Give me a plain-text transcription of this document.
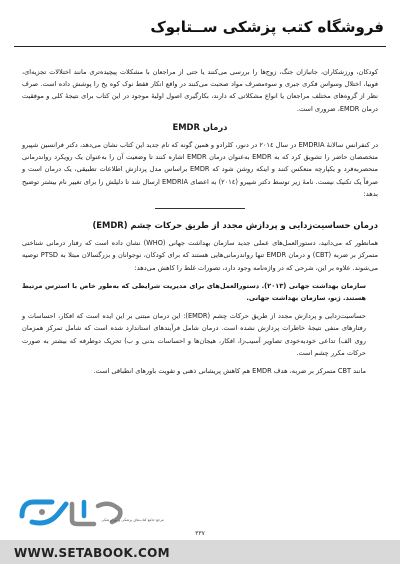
فروشگاه کتب پزشکی ســتابوک

کودکان، ورزشکاران، جانبازان جنگ، زوج‌ها را بررسی می‌کنند یا حتی از مراجعان با مشکلات پیچیده‌تری مانند اختلالات تجزیه‌ای، فوبیا، اختلال وسواس فکری جبری و سوءمصرف مواد صحبت می‌کنند در واقع انکار فقط نوک کوه یخ را پوشش داده است. صرف نظر از گروه‌های مختلف مراجعان یا انواع مشکلاتی که دارند، بکارگیری اصول اولیهٔ موجود در این کتاب برای نتیجهٔ کلی و موفقیت درمان EMDR، ضروری است.

درمان EMDR

در کنفرانس سالانهٔ EMDRIA در سال ۲۰۱٤ در دنور، کلرادو و همین گونه که نام جدید این کتاب نشان می‌دهد، دکتر فرانسین شپیرو متخصصان حاضر را تشویق کرد که به EMDR به‌عنوان درمان EMDR اشاره کنند تا وضعیت آن را به‌عنوان یک رویکرد رواندرمانی منحصربه‌فرد و یکپارچه منعکس کنند و اینکه روشن شود که EMDR براساس مدل پردازش اطلاعات تطبیقی، یک درمان است و صرفاً یک تکنیک نیست. نامهٔ زیر توسط دکتر شپیرو (۲۰۱٤) به اعضای EMDRIA ارسال شد تا دلیلش را برای تغییر نام بیشتر توضیح بدهد:

درمان حساسیت‌زدایی و پردازش مجدد از طریق حرکات چشم (EMDR)

همانطور که می‌دانید، دستورالعمل‌های عملی جدید سازمان بهداشت جهانی (WHO) نشان داده است که رفتار درمانی شناختی متمرکز بر ضربه (CBT) و درمان EMDR تنها رواندرمانی‌هایی هستند که برای کودکان، نوجوانان و بزرگسالان مبتلا به PTSD توصیه می‌شوند. علاوه بر این، شرحی که در واژه‌نامه وجود دارد، تصورات غلط را کاهش می‌دهد:

سازمان بهداشت جهانی (۲۰۱۳). دستورالعمل‌های برای مدیریت شرایطی که به‌طور خاص با استرس مرتبط هستند. ژنو، سازمان بهداشت جهانی.

حساسیت‌زدایی و پردازش مجدد از طریق حرکات چشم (EMDR): این درمان مبتنی بر این ایده است که افکار، احساسات و رفتارهای منفی نتیجهٔ خاطرات پردازش نشده است. درمان شامل فرآیندهای استاندارد شده است که شامل تمرکز همزمان روی الف) تداعی خودبه‌خودی تصاویر آسیب‌زا، افکار، هیجان‌ها و احساسات بدنی و ب) تحریک دوطرفه که بیشتر به صورت حرکات مکرر چشم است.

مانند CBT متمرکز بر ضربه، هدف EMDR هم کاهش پریشانی ذهنی و تقویت باورهای انطباقی است.

مرجع جامع کتاب‌های پزشکی و پیراپزشکی
WWW.SETABOOK.COM
۳۳۷
